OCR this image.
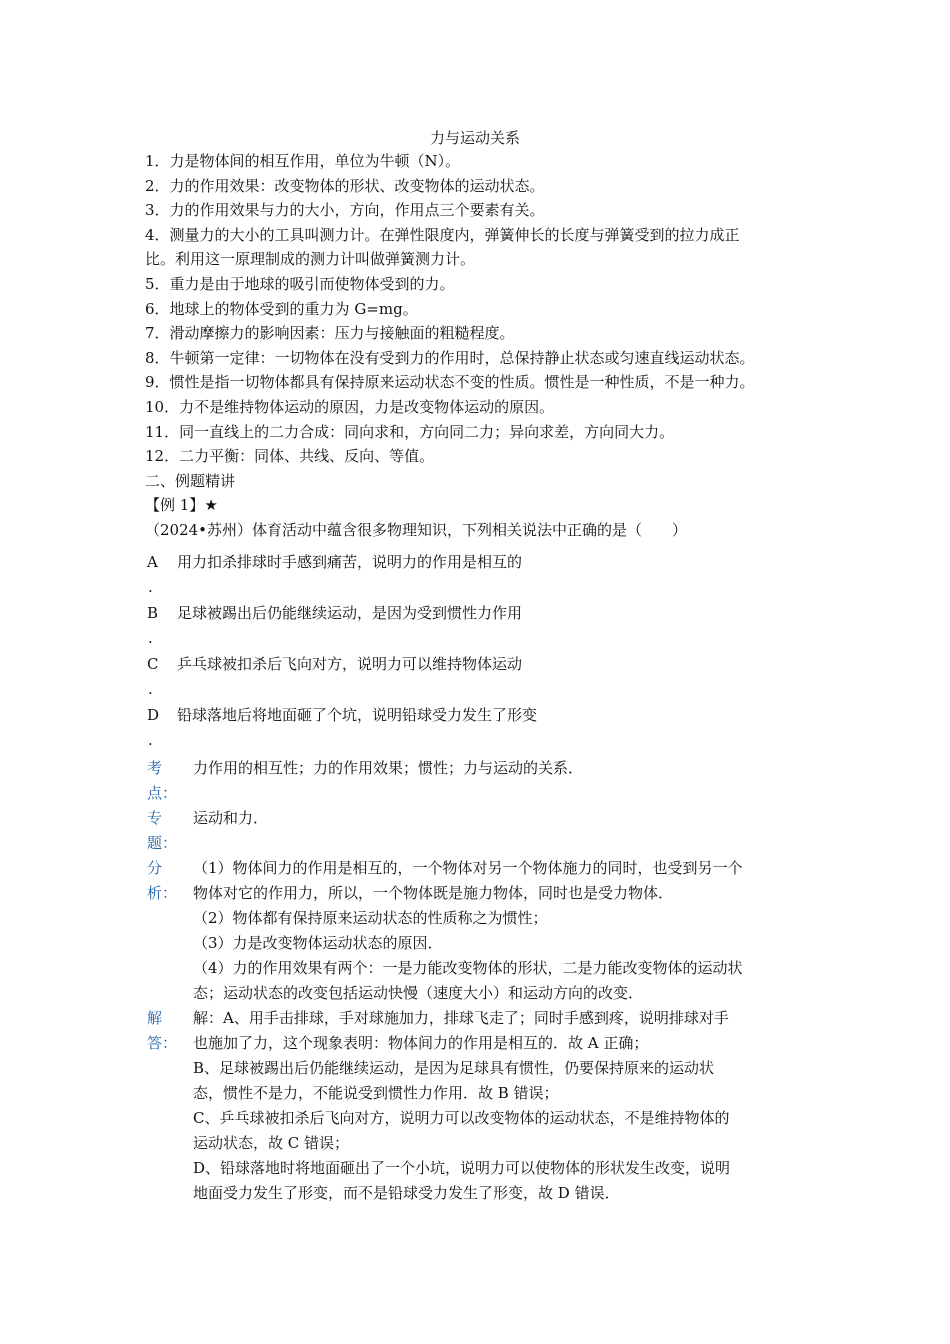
力与运动关系
1．力是物体间的相互作用，单位为牛顿（N）。
2．力的作用效果：改变物体的形状、改变物体的运动状态。
3．力的作用效果与力的大小，方向，作用点三个要素有关。
4．测量力的大小的工具叫测力计。在弹性限度内，弹簧伸长的长度与弹簧受到的拉力成正
比。利用这一原理制成的测力计叫做弹簧测力计。
5．重力是由于地球的吸引而使物体受到的力。
6．地球上的物体受到的重力为 G=mg。
7．滑动摩擦力的影响因素：压力与接触面的粗糙程度。
8．牛顿第一定律：一切物体在没有受到力的作用时，总保持静止状态或匀速直线运动状态。
9．惯性是指一切物体都具有保持原来运动状态不变的性质。惯性是一种性质，不是一种力。
10．力不是维持物体运动的原因，力是改变物体运动的原因。
11．同一直线上的二力合成：同向求和，方向同二力；异向求差，方向同大力。
12．二力平衡：同体、共线、反向、等值。
二、例题精讲
【例 1】★
（2024•苏州）体育活动中蕴含很多物理知识，下列相关说法中正确的是（　　）
A
.
用力扣杀排球时手感到痛苦，说明力的作用是相互的
B
.
足球被踢出后仍能继续运动，是因为受到惯性力作用
C
.
乒乓球被扣杀后飞向对方，说明力可以维持物体运动
D
.
铅球落地后将地面砸了个坑，说明铅球受力发生了形变
考
点：
力作用的相互性；力的作用效果；惯性；力与运动的关系．
专
题：
运动和力．
分
析：
（1）物体间力的作用是相互的，一个物体对另一个物体施力的同时，也受到另一个
物体对它的作用力，所以，一个物体既是施力物体，同时也是受力物体．
（2）物体都有保持原来运动状态的性质称之为惯性；
（3）力是改变物体运动状态的原因．
（4）力的作用效果有两个：一是力能改变物体的形状，二是力能改变物体的运动状
态；运动状态的改变包括运动快慢（速度大小）和运动方向的改变．
解
答：
解：A、用手击排球，手对球施加力，排球飞走了；同时手感到疼，说明排球对手
也施加了力，这个现象表明：物体间力的作用是相互的．故 A 正确；
B、足球被踢出后仍能继续运动，是因为足球具有惯性，仍要保持原来的运动状
态，惯性不是力，不能说受到惯性力作用．故 B 错误；
C、乒乓球被扣杀后飞向对方，说明力可以改变物体的运动状态，不是维持物体的
运动状态，故 C 错误；
D、铅球落地时将地面砸出了一个小坑，说明力可以使物体的形状发生改变，说明
地面受力发生了形变，而不是铅球受力发生了形变，故 D 错误．
